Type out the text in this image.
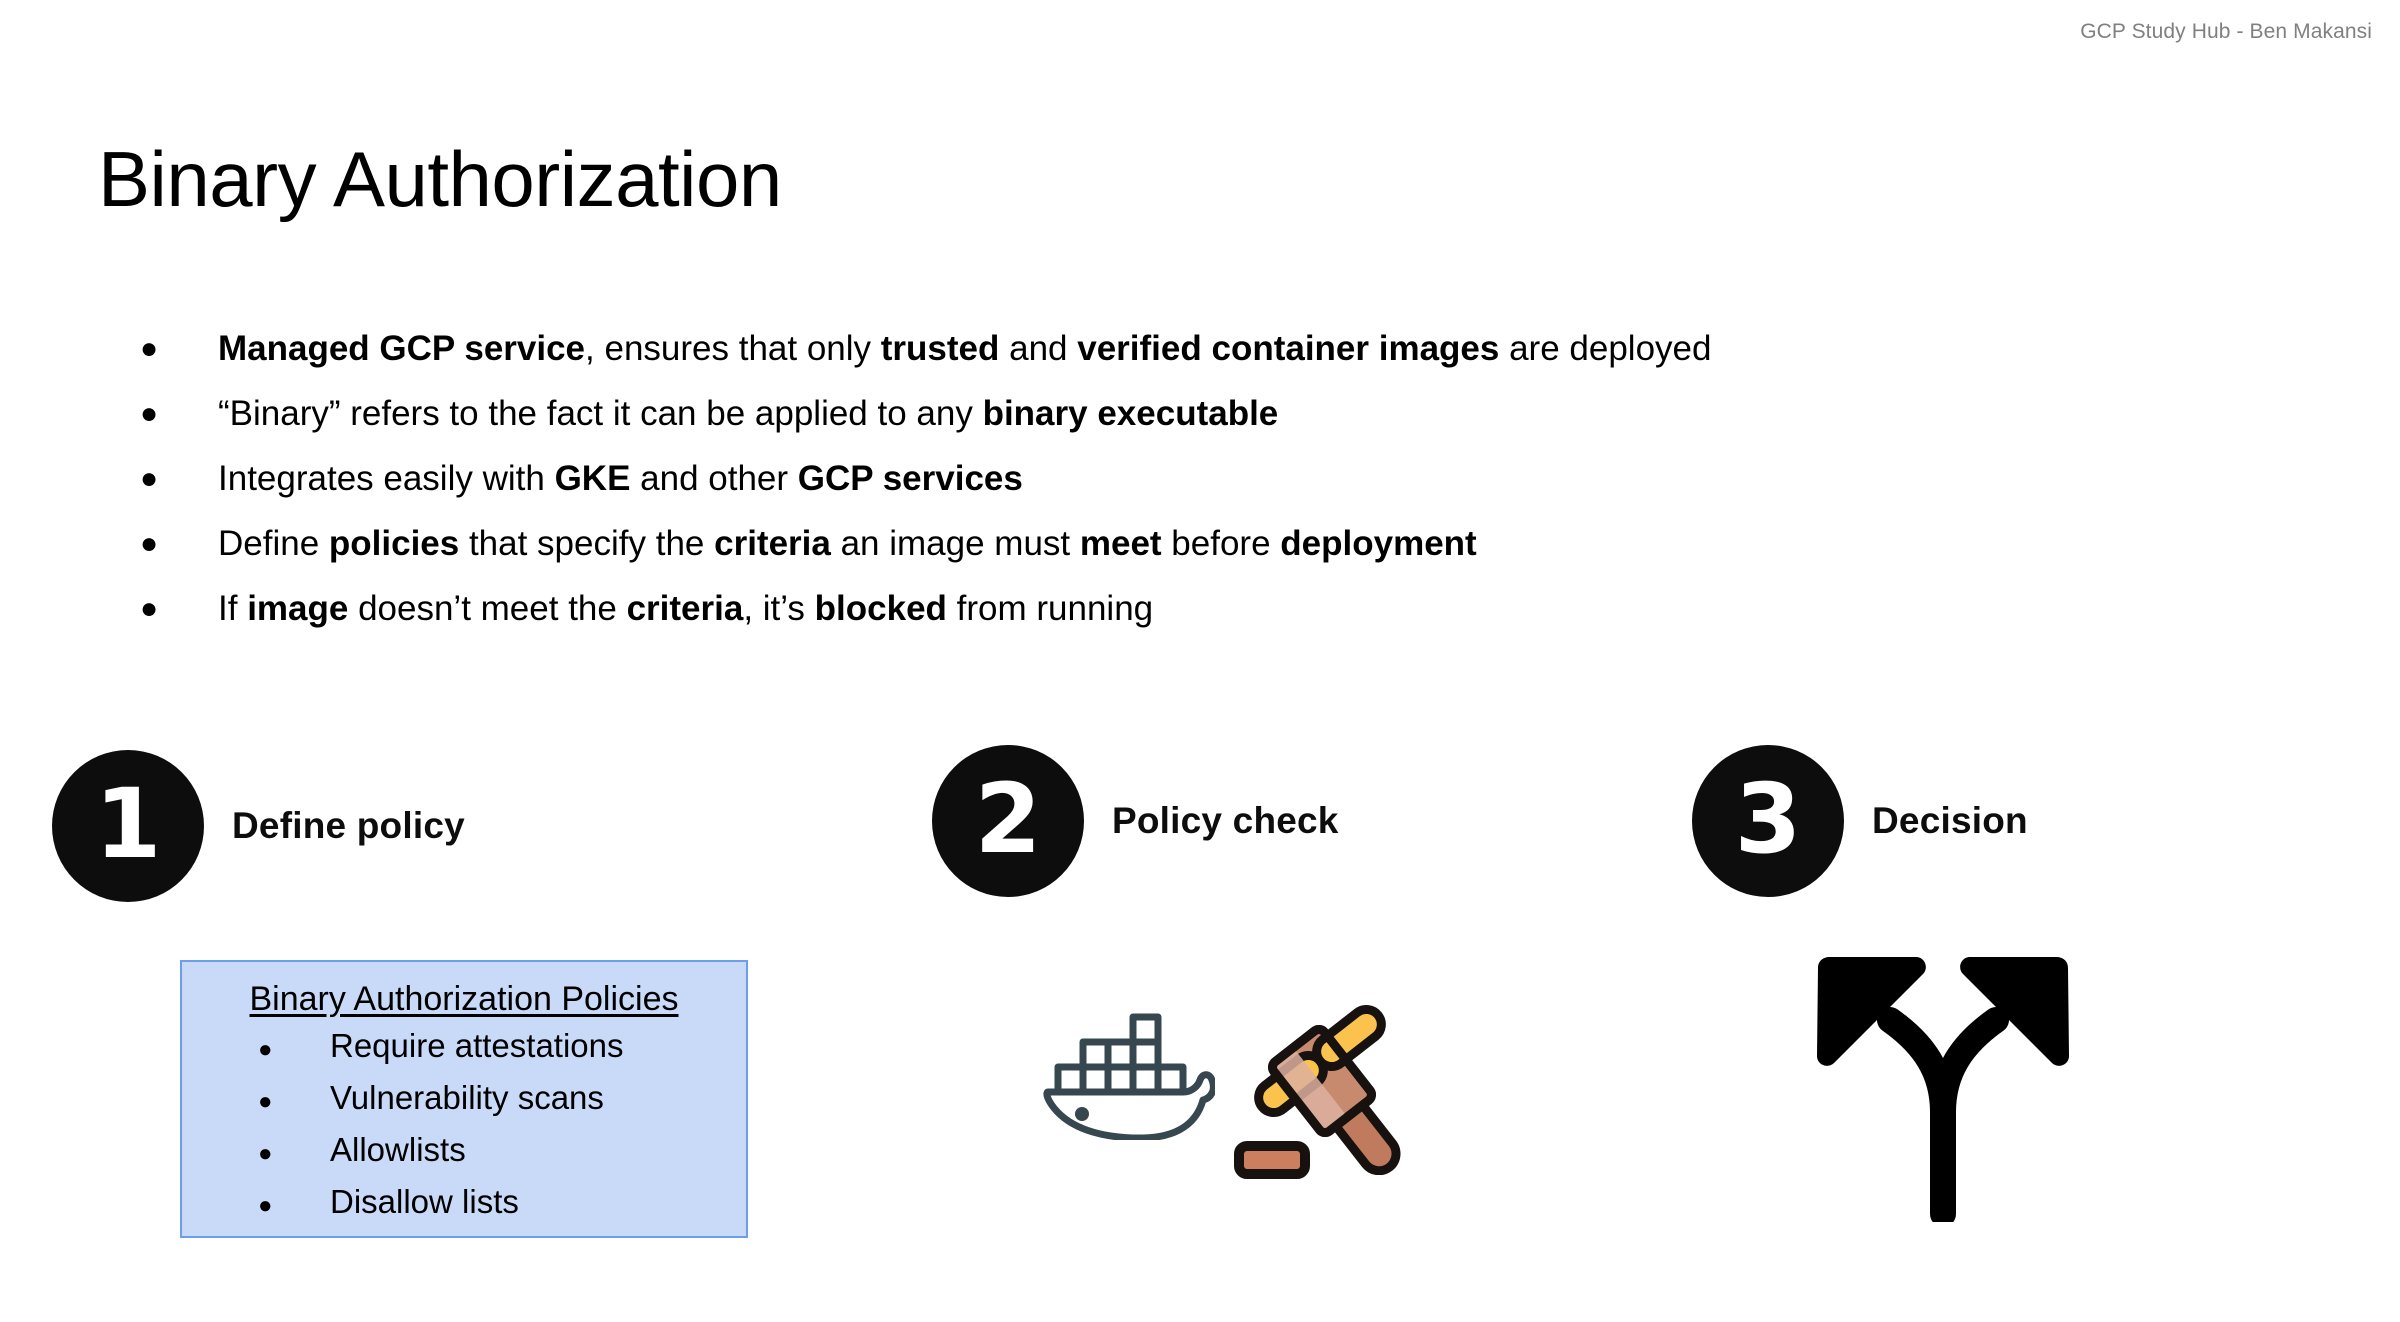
GCP Study Hub - Ben Makansi
Binary Authorization
●	Managed GCP service, ensures that only trusted and verified container images are deployed
●	“Binary” refers to the fact it can be applied to any binary executable
●	Integrates easily with GKE and other GCP services
●	Define policies that specify the criteria an image must meet before deployment
●	If image doesn’t meet the criteria, it’s blocked from running
1	Define policy	2	Policy check	3	Decision
Binary Authorization Policies
●	Require attestations
●	Vulnerability scans
●	Allowlists
●	Disallow lists
